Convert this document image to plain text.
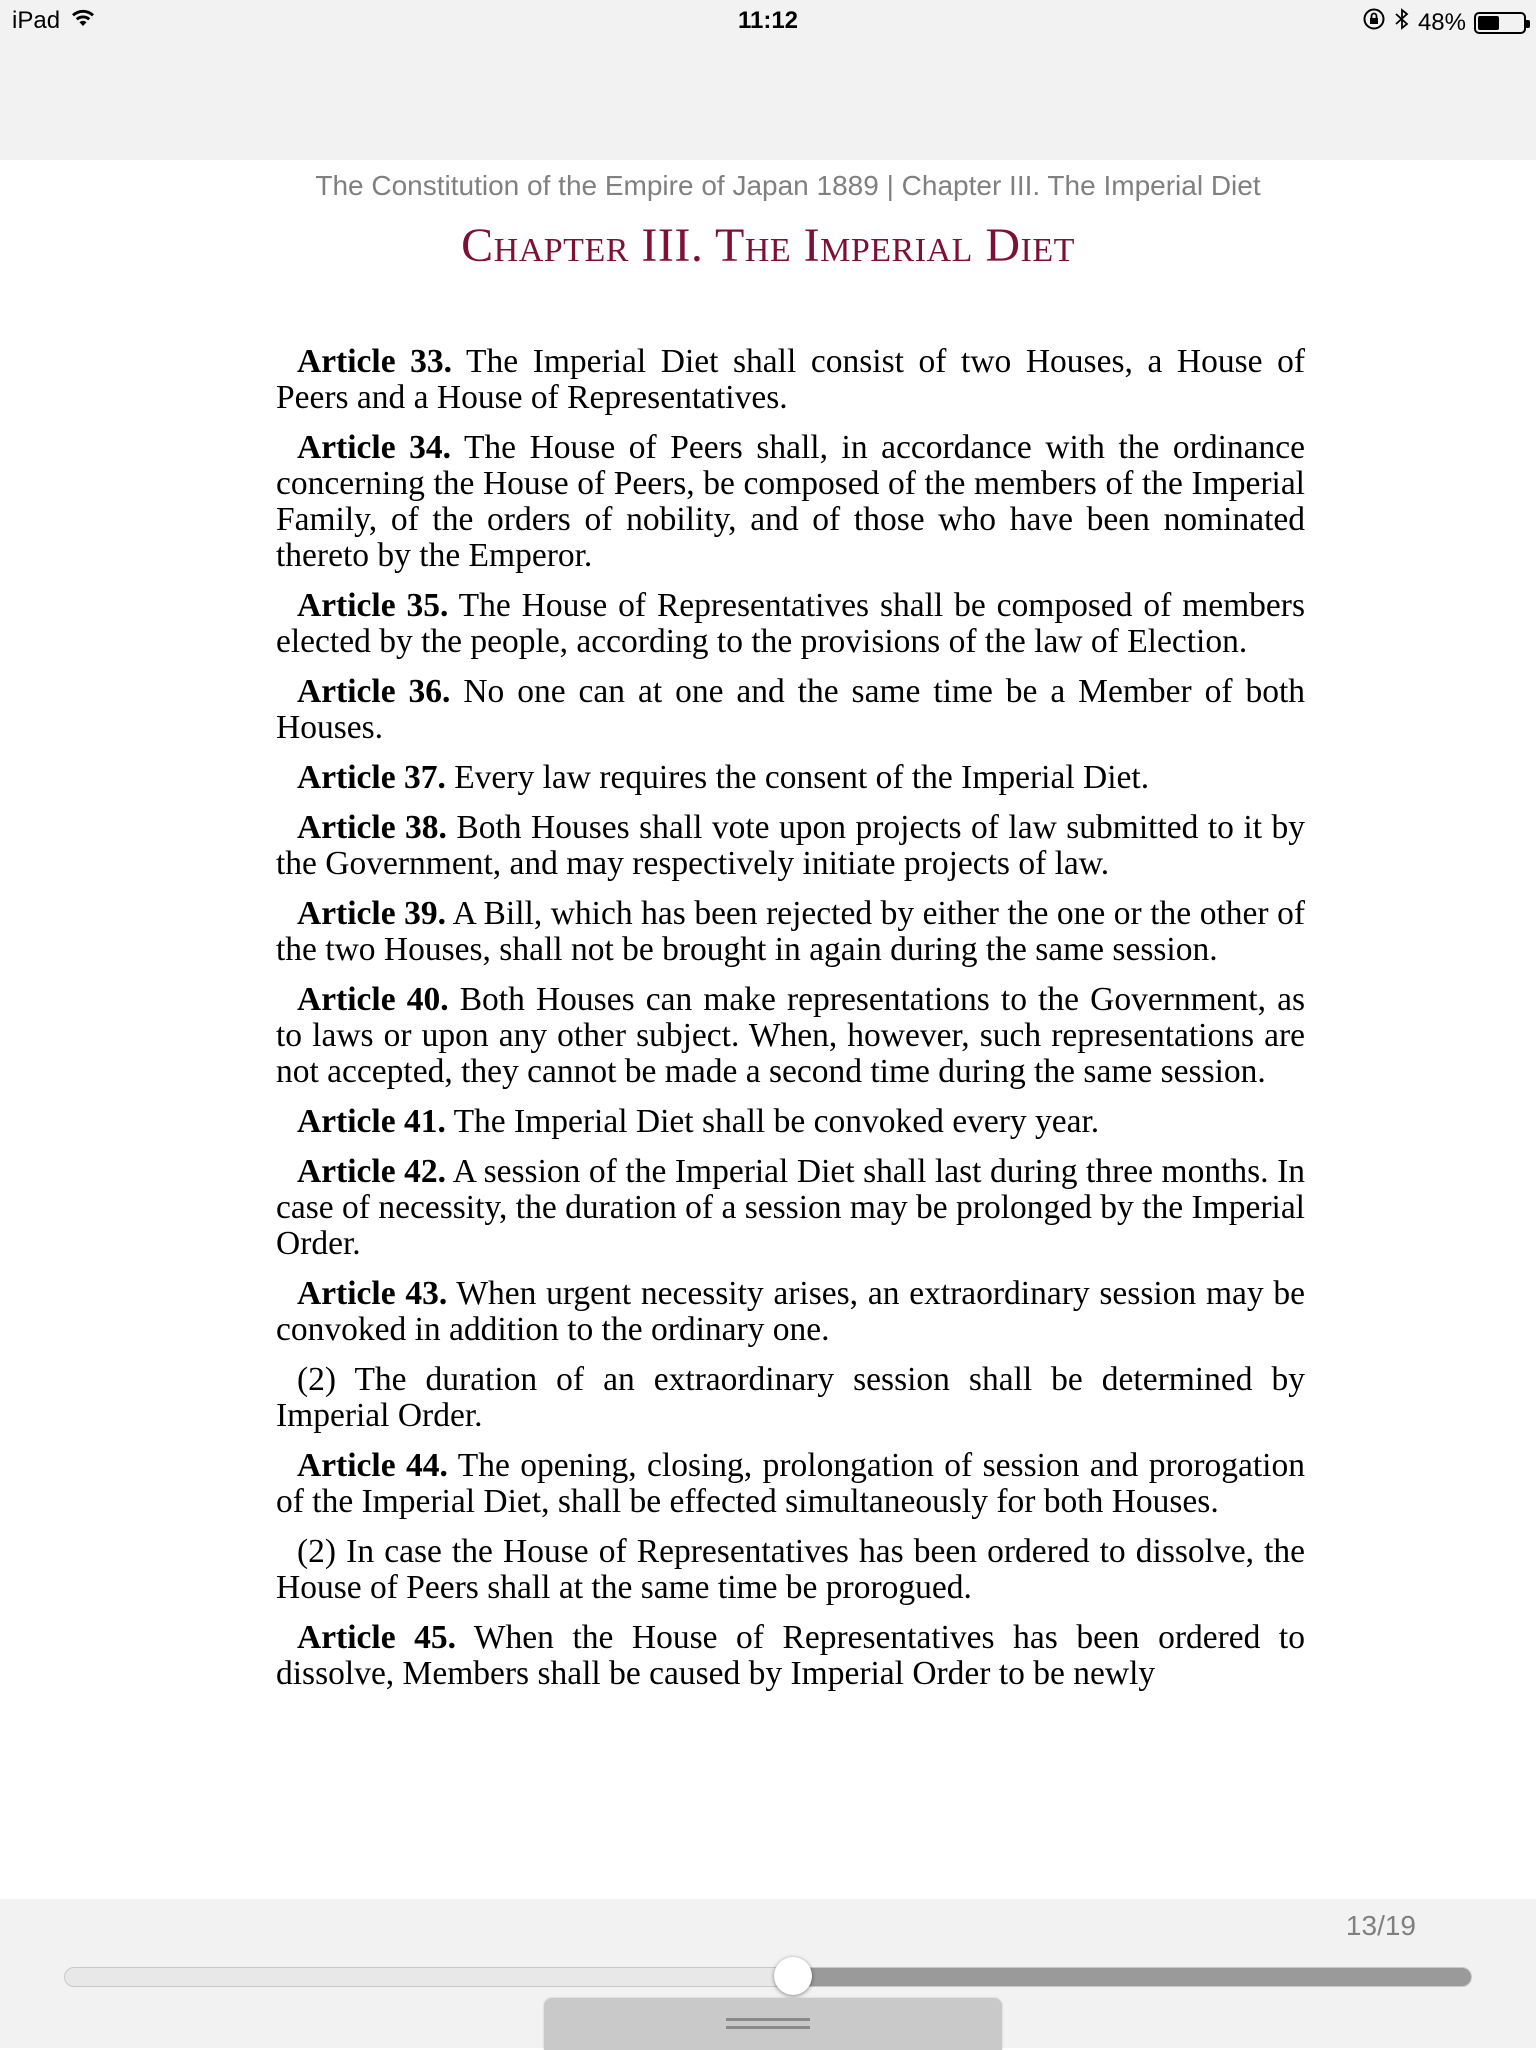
iPad	11:12	48%
The Constitution of the Empire of Japan 1889 | Chapter III. The Imperial Diet
Chapter III. The Imperial Diet

Article 33. The Imperial Diet shall consist of two Houses, a House of Peers and a House of Representatives.

Article 34. The House of Peers shall, in accordance with the ordinance concerning the House of Peers, be composed of the members of the Imperial Family, of the orders of nobility, and of those who have been nominated thereto by the Emperor.

Article 35. The House of Representatives shall be composed of members elected by the people, according to the provisions of the law of Election.

Article 36. No one can at one and the same time be a Member of both Houses.

Article 37. Every law requires the consent of the Imperial Diet.

Article 38. Both Houses shall vote upon projects of law submitted to it by the Government, and may respectively initiate projects of law.

Article 39. A Bill, which has been rejected by either the one or the other of the two Houses, shall not be brought in again during the same session.

Article 40. Both Houses can make representations to the Government, as to laws or upon any other subject. When, however, such representations are not accepted, they cannot be made a second time during the same session.

Article 41. The Imperial Diet shall be convoked every year.

Article 42. A session of the Imperial Diet shall last during three months. In case of necessity, the duration of a session may be prolonged by the Imperial Order.

Article 43. When urgent necessity arises, an extraordinary session may be convoked in addition to the ordinary one.

(2) The duration of an extraordinary session shall be determined by Imperial Order.

Article 44. The opening, closing, prolongation of session and prorogation of the Imperial Diet, shall be effected simultaneously for both Houses.

(2) In case the House of Representatives has been ordered to dissolve, the House of Peers shall at the same time be prorogued.

Article 45. When the House of Representatives has been ordered to dissolve, Members shall be caused by Imperial Order to be newly

13/19
